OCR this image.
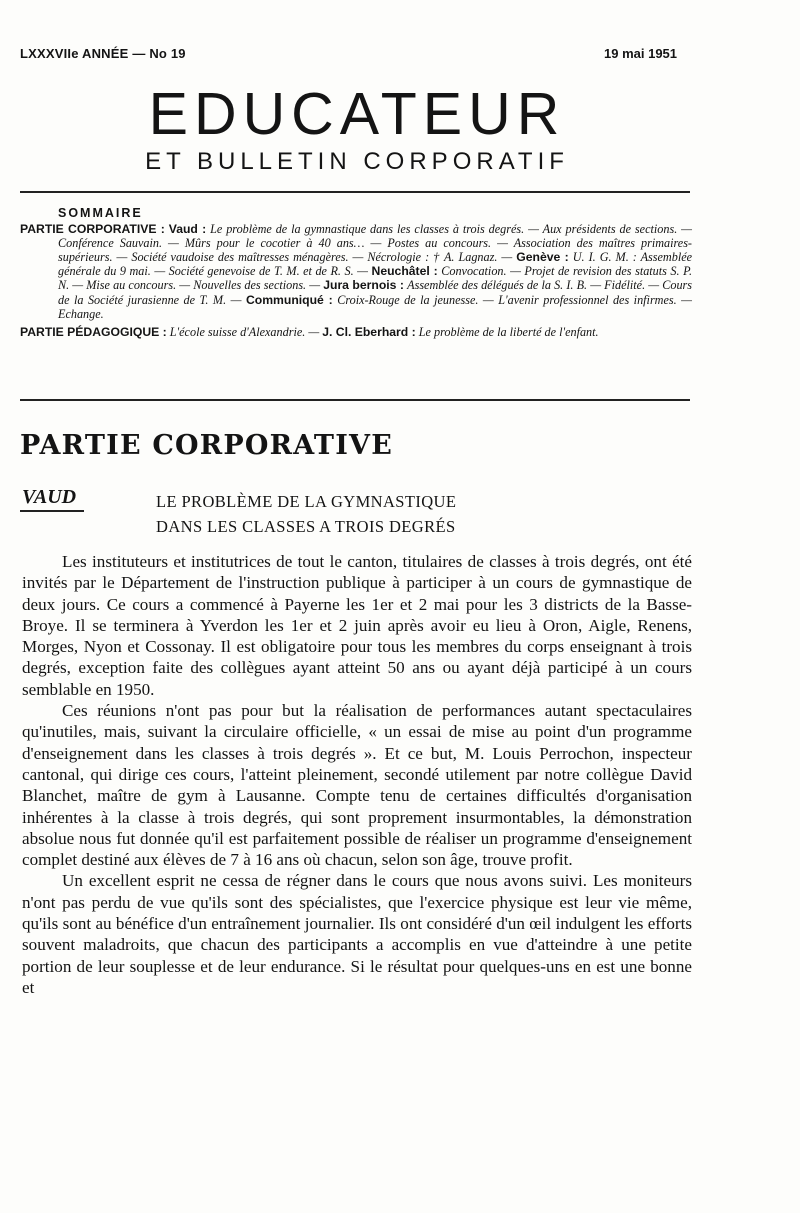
LXXXVIIe ANNÉE — No 19	19 mai 1951
EDUCATEUR
ET BULLETIN CORPORATIF
SOMMAIRE

PARTIE CORPORATIVE : Vaud : Le problème de la gymnastique dans les classes à trois degrés. — Aux présidents de sections. — Conférence Sauvain. — Mûrs pour le cocotier à 40 ans… — Postes au concours. — Association des maîtres primaires-supérieurs. — Société vaudoise des maîtresses ménagères. — Nécrologie : † A. Lagnaz. — Genève : U. I. G. M. : Assemblée générale du 9 mai. — Société genevoise de T. M. et de R. S. — Neuchâtel : Convocation. — Projet de revision des statuts S. P. N. — Mise au concours. — Nouvelles des sections. — Jura bernois : Assemblée des délégués de la S. I. B. — Fidélité. — Cours de la Société jurasienne de T. M. — Communiqué : Croix-Rouge de la jeunesse. — L'avenir professionnel des infirmes. — Echange.

PARTIE PÉDAGOGIQUE : L'école suisse d'Alexandrie. — J. Cl. Eberhard : Le problème de la liberté de l'enfant.

PARTIE CORPORATIVE
VAUD	LE PROBLÈME DE LA GYMNASTIQUE
DANS LES CLASSES A TROIS DEGRÉS

Les instituteurs et institutrices de tout le canton, titulaires de classes à trois degrés, ont été invités par le Département de l'instruction publique à participer à un cours de gymnastique de deux jours. Ce cours a commencé à Payerne les 1er et 2 mai pour les 3 districts de la Basse-Broye. Il se terminera à Yverdon les 1er et 2 juin après avoir eu lieu à Oron, Aigle, Renens, Morges, Nyon et Cossonay. Il est obligatoire pour tous les membres du corps enseignant à trois degrés, exception faite des collègues ayant atteint 50 ans ou ayant déjà participé à un cours semblable en 1950.

Ces réunions n'ont pas pour but la réalisation de performances autant spectaculaires qu'inutiles, mais, suivant la circulaire officielle, « un essai de mise au point d'un programme d'enseignement dans les classes à trois degrés ». Et ce but, M. Louis Perrochon, inspecteur cantonal, qui dirige ces cours, l'atteint pleinement, secondé utilement par notre collègue David Blanchet, maître de gym à Lausanne. Compte tenu de certaines difficultés d'organisation inhérentes à la classe à trois degrés, qui sont proprement insurmontables, la démonstration absolue nous fut donnée qu'il est parfaitement possible de réaliser un programme d'enseignement complet destiné aux élèves de 7 à 16 ans où chacun, selon son âge, trouve profit.

Un excellent esprit ne cessa de régner dans le cours que nous avons suivi. Les moniteurs n'ont pas perdu de vue qu'ils sont des spécialistes, que l'exercice physique est leur vie même, qu'ils sont au bénéfice d'un entraînement journalier. Ils ont considéré d'un œil indulgent les efforts souvent maladroits, que chacun des participants a accomplis en vue d'atteindre à une petite portion de leur souplesse et de leur endurance. Si le résultat pour quelques-uns en est une bonne et
